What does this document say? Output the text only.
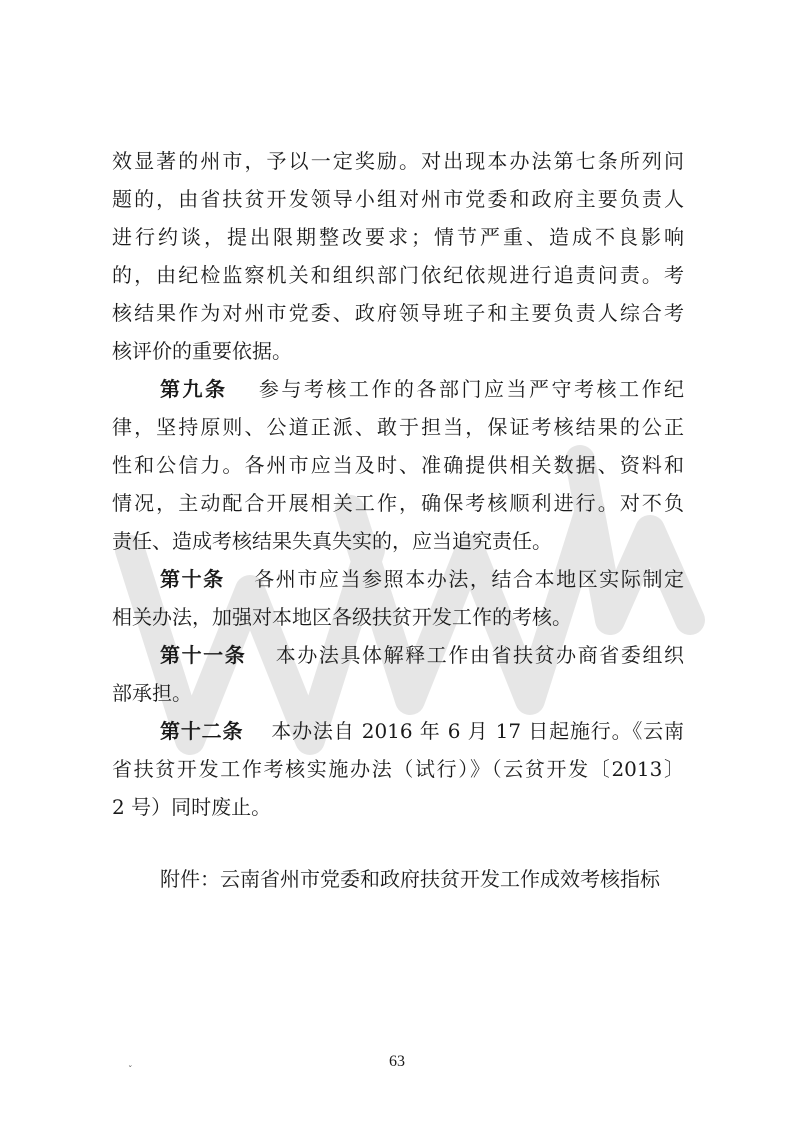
WWW
效显著的州市，予以一定奖励。对出现本办法第七条所列问
题的，由省扶贫开发领导小组对州市党委和政府主要负责人
进行约谈，提出限期整改要求；情节严重、造成不良影响
的，由纪检监察机关和组织部门依纪依规进行追责问责。考
核结果作为对州市党委、政府领导班子和主要负责人综合考
核评价的重要依据。
第九条　 参与考核工作的各部门应当严守考核工作纪
律，坚持原则、公道正派、敢于担当，保证考核结果的公正
性和公信力。各州市应当及时、准确提供相关数据、资料和
情况，主动配合开展相关工作，确保考核顺利进行。对不负
责任、造成考核结果失真失实的，应当追究责任。
第十条　 各州市应当参照本办法，结合本地区实际制定
相关办法，加强对本地区各级扶贫开发工作的考核。
第十一条　 本办法具体解释工作由省扶贫办商省委组织
部承担。
第十二条　 本办法自 2016 年 6 月 17 日起施行。《云南
省扶贫开发工作考核实施办法（试行）》（云贫开发〔2013〕
2 号）同时废止。
附件：云南省州市党委和政府扶贫开发工作成效考核指标
63
ˇ
